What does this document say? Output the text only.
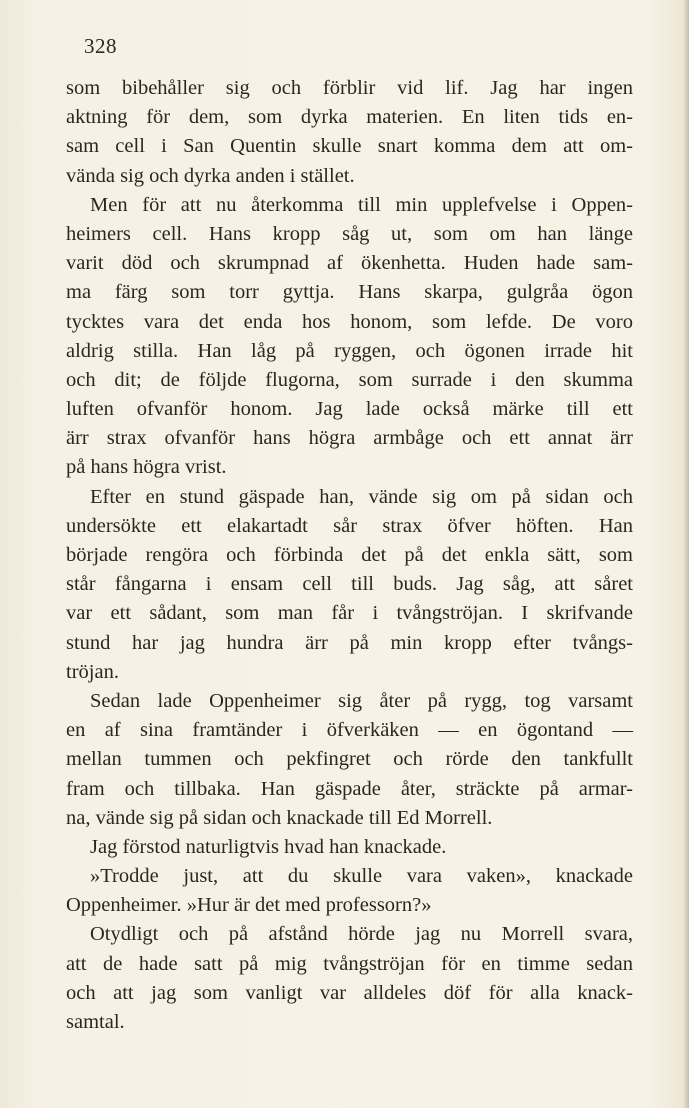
328
som bibehåller sig och förblir vid lif. Jag har ingen
aktning för dem, som dyrka materien. En liten tids en-
sam cell i San Quentin skulle snart komma dem att om-
vända sig och dyrka anden i stället.
Men för att nu återkomma till min upplefvelse i Oppen-
heimers cell. Hans kropp såg ut, som om han länge
varit död och skrumpnad af ökenhetta. Huden hade sam-
ma färg som torr gyttja. Hans skarpa, gulgråa ögon
tycktes vara det enda hos honom, som lefde. De voro
aldrig stilla. Han låg på ryggen, och ögonen irrade hit
och dit; de följde flugorna, som surrade i den skumma
luften ofvanför honom. Jag lade också märke till ett
ärr strax ofvanför hans högra armbåge och ett annat ärr
på hans högra vrist.
Efter en stund gäspade han, vände sig om på sidan och
undersökte ett elakartadt sår strax öfver höften. Han
började rengöra och förbinda det på det enkla sätt, som
står fångarna i ensam cell till buds. Jag såg, att såret
var ett sådant, som man får i tvångströjan. I skrifvande
stund har jag hundra ärr på min kropp efter tvångs-
tröjan.
Sedan lade Oppenheimer sig åter på rygg, tog varsamt
en af sina framtänder i öfverkäken — en ögontand —
mellan tummen och pekfingret och rörde den tankfullt
fram och tillbaka. Han gäspade åter, sträckte på armar-
na, vände sig på sidan och knackade till Ed Morrell.
Jag förstod naturligtvis hvad han knackade.
»Trodde just, att du skulle vara vaken», knackade
Oppenheimer. »Hur är det med professorn?»
Otydligt och på afstånd hörde jag nu Morrell svara,
att de hade satt på mig tvångströjan för en timme sedan
och att jag som vanligt var alldeles döf för alla knack-
samtal.
